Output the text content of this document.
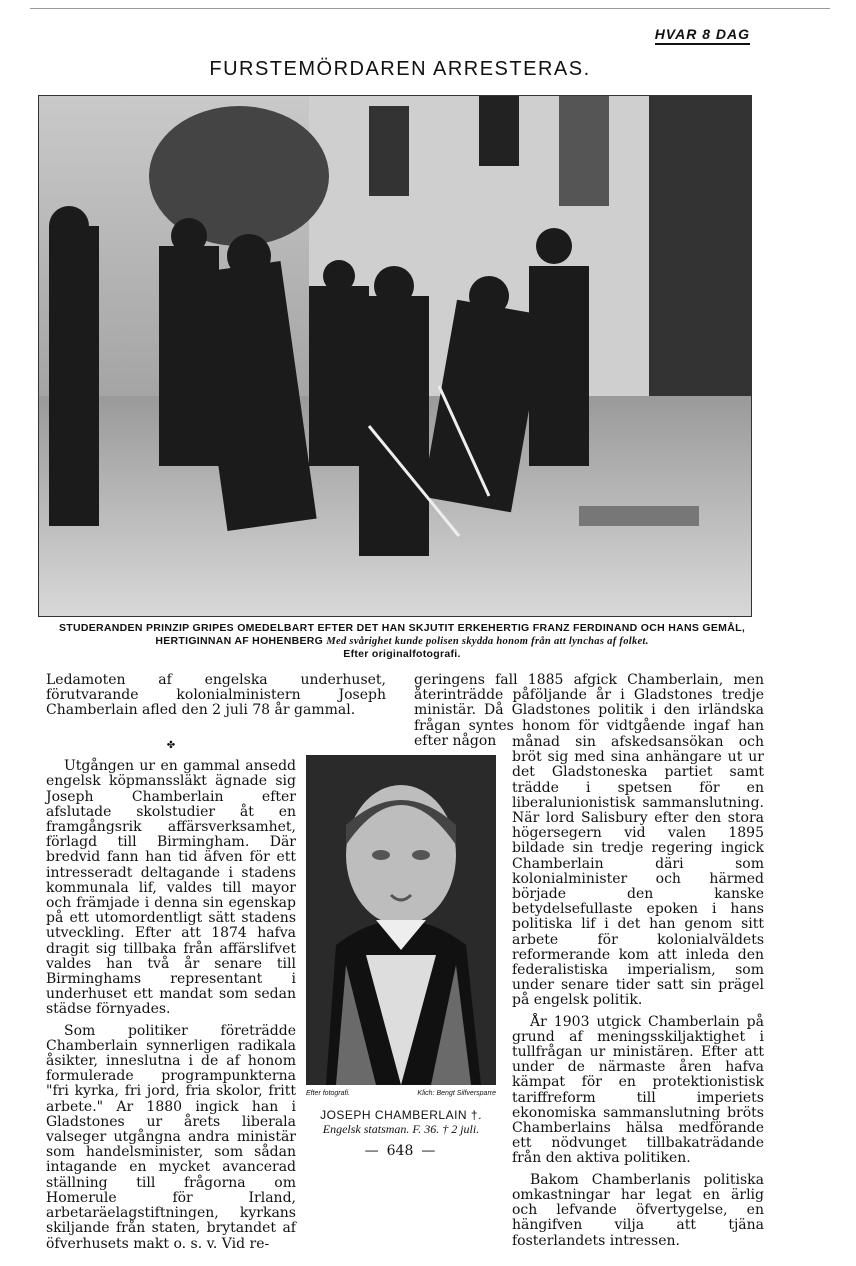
HVAR 8 DAG
FURSTEMÖRDAREN ARRESTERAS.
STUDERANDEN PRINZIP GRIPES OMEDELBART EFTER DET HAN SKJUTIT ERKEHERTIG FRANZ FERDINAND OCH HANS GEMÅL, HERTIGINNAN AF HOHENBERG Med svårighet kunde polisen skydda honom från att lynchas af folket.
Efter originalfotografi.

Ledamoten af engelska underhuset, förutvarande kolonialministern Joseph Chamberlain afled den 2 juli 78 år gammal.

geringens fall 1885 afgick Chamberlain, men återinträdde påföljande år i Gladstones tredje ministär. Då Gladstones politik i den irländska frågan syntes honom för vidtgående ingaf han efter någon

✤

Utgången ur en gammal ansedd engelsk köpmanssläkt ägnade sig Joseph Chamberlain efter afslutade skolstudier åt en framgångsrik affärsverksamhet, förlagd till Birmingham. Där bredvid fann han tid äfven för ett intresseradt deltagande i stadens kommunala lif, valdes till mayor och främjade i denna sin egenskap på ett utomordentligt sätt stadens utveckling. Efter att 1874 hafva dragit sig tillbaka från affärslifvet valdes han två år senare till Birminghams representant i underhuset ett mandat som sedan städse förnyades.

Som politiker företrädde Chamberlain synnerligen radikala åsikter, inneslutna i de af honom formulerade programpunkterna "fri kyrka, fri jord, fria skolor, fritt arbete." Ar 1880 ingick han i Gladstones ur årets liberala valseger utgångna andra ministär som handelsminister, som sådan intagande en mycket avancerad ställning till frågorna om Homerule för Irland, arbetaräelagstiftningen, kyrkans skiljande från staten, brytandet af öfverhusets makt o. s. v. Vid re-

månad sin afskedsansökan och bröt sig med sina anhängare ut ur det Gladstoneska partiet samt trädde i spetsen för en liberalunionistisk sammanslutning. När lord Salisbury efter den stora högersegern vid valen 1895 bildade sin tredje regering ingick Chamberlain däri som kolonialminister och härmed började den kanske betydelsefullaste epoken i hans politiska lif i det han genom sitt arbete för kolonialväldets reformerande kom att inleda den federalistiska imperialism, som under senare tider satt sin prägel på engelsk politik.

År 1903 utgick Chamberlain på grund af meningsskiljaktighet i tullfrågan ur ministären. Efter att under de närmaste åren hafva kämpat för en protektionistisk tariffreform till imperiets ekonomiska sammanslutning bröts Chamberlains hälsa medförande ett nödvunget tillbakaträdande från den aktiva politiken.

Bakom Chamberlanis politiska omkastningar har legat en ärlig och lefvande öfvertygelse, en hängifven vilja att tjäna fosterlandets intressen.

Efter fotografi.	Klich: Bengt Silfversparre
JOSEPH CHAMBERLAIN †.
Engelsk statsman. F. 36. † 2 juli.
— 648 —
